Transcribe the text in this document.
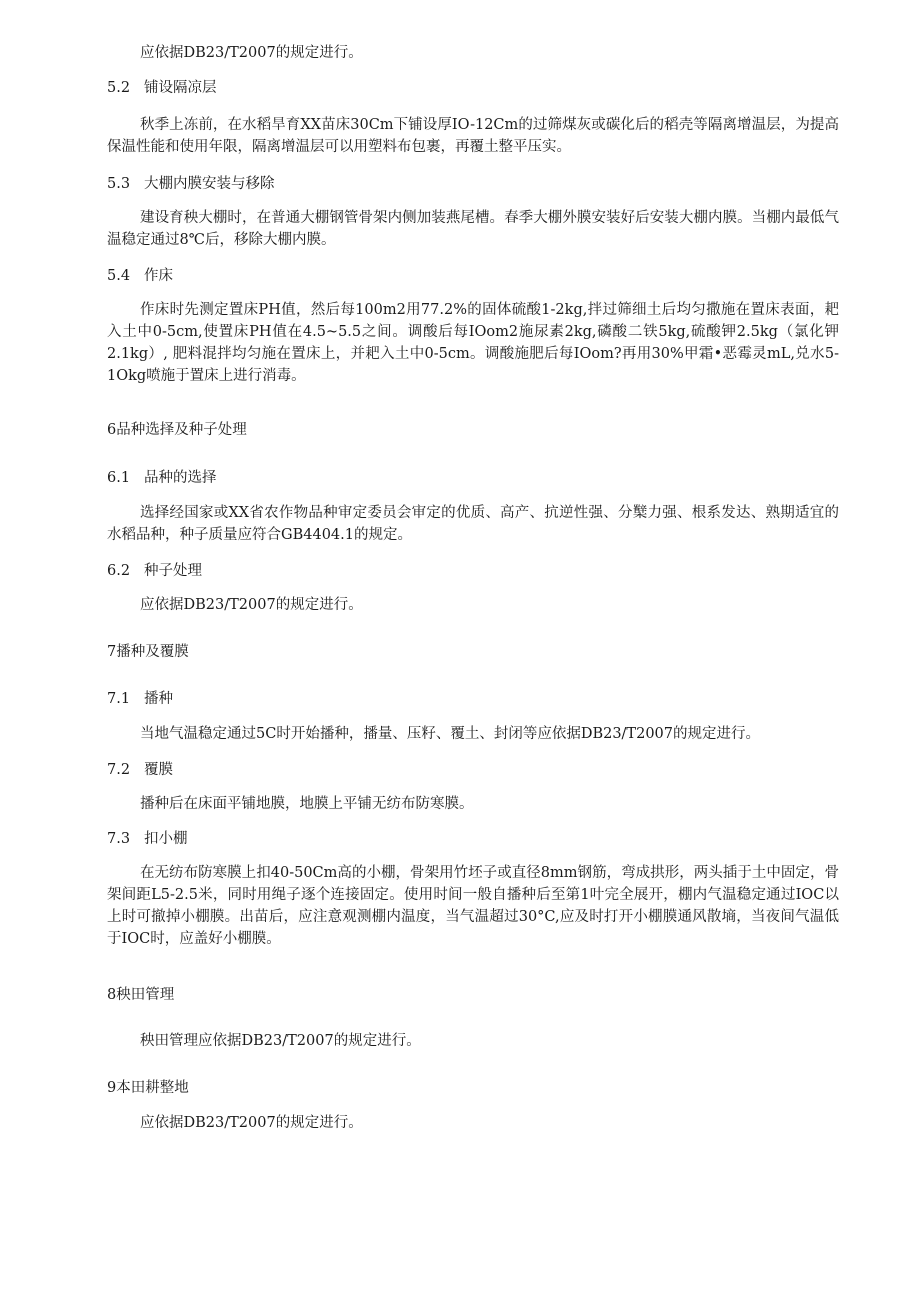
应依据DB23/T2007的规定进行。

5.2 铺设隔凉层

秋季上冻前，在水稻旱育XX苗床30Cm下铺设厚IO-12Cm的过筛煤灰或碳化后的稻壳等隔离增温层，为提高保温性能和使用年限，隔离增温层可以用塑料布包裹，再覆土整平压实。

5.3 大棚内膜安装与移除

建设育秧大棚时，在普通大棚钢管骨架内侧加装燕尾槽。春季大棚外膜安装好后安装大棚内膜。当棚内最低气温稳定通过8℃后，移除大棚内膜。

5.4 作床

作床时先测定置床PH值，然后每100m2用77.2%的固体硫酸1-2kg,拌过筛细土后均匀撒施在置床表面，耙入土中0-5cm,使置床PH值在4.5~5.5之间。调酸后每IOom2施尿素2kg,磷酸二铁5kg,硫酸钾2.5kg（氯化钾2.1kg）, 肥料混拌均匀施在置床上，并耙入土中0-5cm。调酸施肥后每IOom?再用30%甲霜•恶霉灵mL,兑水5-1Okg喷施于置床上进行消毒。

6品种选择及种子处理

6.1 品种的选择

选择经国家或XX省农作物品种审定委员会审定的优质、高产、抗逆性强、分櫱力强、根系发达、熟期适宜的水稻品种，种子质量应符合GB4404.1的规定。

6.2 种子处理

应依据DB23/T2007的规定进行。

7播种及覆膜

7.1 播种

当地气温稳定通过5C时开始播种，播量、压籽、覆土、封闭等应依据DB23/T2007的规定进行。

7.2 覆膜

播种后在床面平铺地膜，地膜上平铺无纺布防寒膜。

7.3 扣小棚

在无纺布防寒膜上扣40-50Cm高的小棚，骨架用竹坯子或直径8mm钢筋，弯成拱形，两头插于土中固定，骨架间距L5-2.5米，同时用绳子逐个连接固定。使用时间一般自播种后至第1叶完全展开，棚内气温稳定通过IOC以上时可撤掉小棚膜。出苗后，应注意观测棚内温度，当气温超过30°C,应及时打开小棚膜通风散墒，当夜间气温低于IOC时，应盖好小棚膜。

8秧田管理

秧田管理应依据DB23/T2007的规定进行。

9本田耕整地

应依据DB23/T2007的规定进行。
